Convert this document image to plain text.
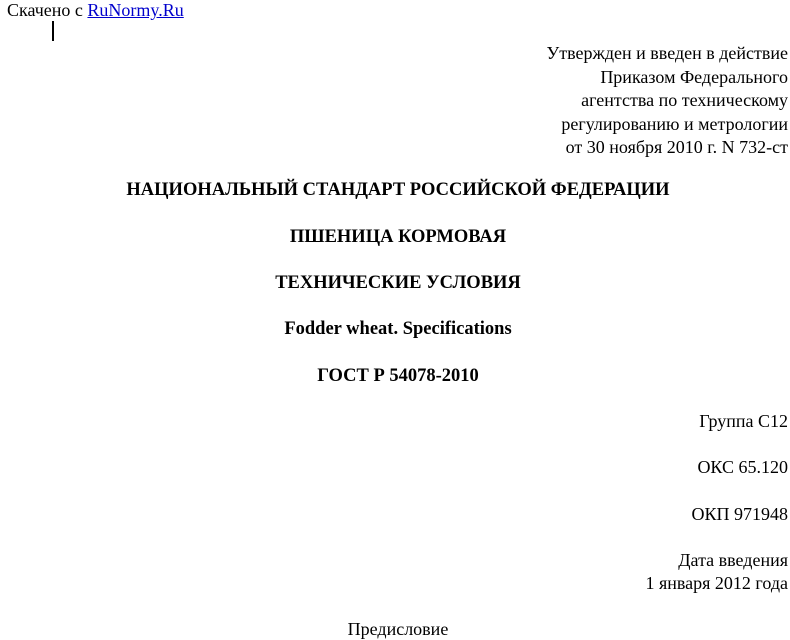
Скачено с RuNormy.Ru
Утвержден и введен в действие
Приказом Федерального
агентства по техническому
регулированию и метрологии
от 30 ноября 2010 г. N 732-ст
НАЦИОНАЛЬНЫЙ СТАНДАРТ РОССИЙСКОЙ ФЕДЕРАЦИИ
ПШЕНИЦА КОРМОВАЯ
ТЕХНИЧЕСКИЕ УСЛОВИЯ
Fodder wheat. Specifications
ГОСТ Р 54078-2010
Группа С12
ОКС 65.120
ОКП 971948
Дата введения
1 января 2012 года
Предисловие
